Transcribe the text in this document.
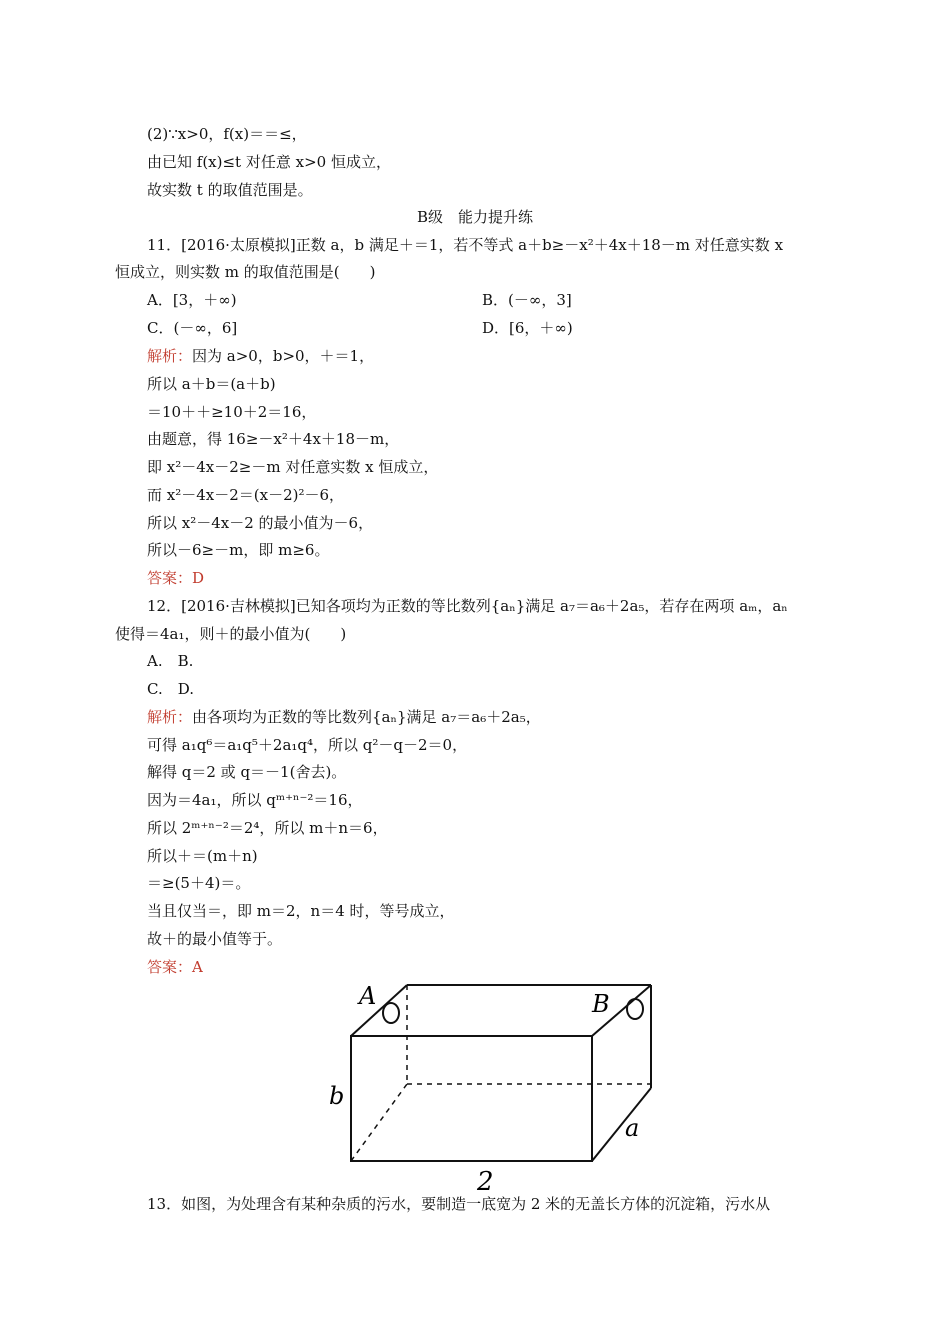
(2)∵x>0，f(x)＝＝≤，
由已知 f(x)≤t 对任意 x>0 恒成立，
故实数 t 的取值范围是。
B级　能力提升练
11．[2016·太原模拟]正数 a，b 满足＋＝1，若不等式 a＋b≥－x²＋4x＋18－m 对任意实数 x
恒成立，则实数 m 的取值范围是(　　)
A．[3，＋∞)	B．(－∞，3]
C．(－∞，6]	D．[6，＋∞)
解析：因为 a>0，b>0，＋＝1，
所以 a＋b＝(a＋b)
＝10＋＋≥10＋2＝16，
由题意，得 16≥－x²＋4x＋18－m，
即 x²－4x－2≥－m 对任意实数 x 恒成立，
而 x²－4x－2＝(x－2)²－6，
所以 x²－4x－2 的最小值为－6，
所以－6≥－m，即 m≥6。
答案：D
12．[2016·吉林模拟]已知各项均为正数的等比数列{aₙ}满足 a₇＝a₆＋2a₅，若存在两项 aₘ，aₙ
使得＝4a₁，则＋的最小值为(　　)
A.　B.
C.　D.
解析：由各项均为正数的等比数列{aₙ}满足 a₇＝a₆＋2a₅，
可得 a₁q⁶＝a₁q⁵＋2a₁q⁴，所以 q²－q－2＝0，
解得 q＝2 或 q＝－1(舍去)。
因为＝4a₁，所以 qᵐ⁺ⁿ⁻²＝16，
所以 2ᵐ⁺ⁿ⁻²＝2⁴，所以 m＋n＝6，
所以＋＝(m＋n)
＝≥(5＋4)＝。
当且仅当＝，即 m＝2，n＝4 时，等号成立，
故＋的最小值等于。
答案：A
A	B
b
a
2
13．如图，为处理含有某种杂质的污水，要制造一底宽为 2 米的无盖长方体的沉淀箱，污水从
